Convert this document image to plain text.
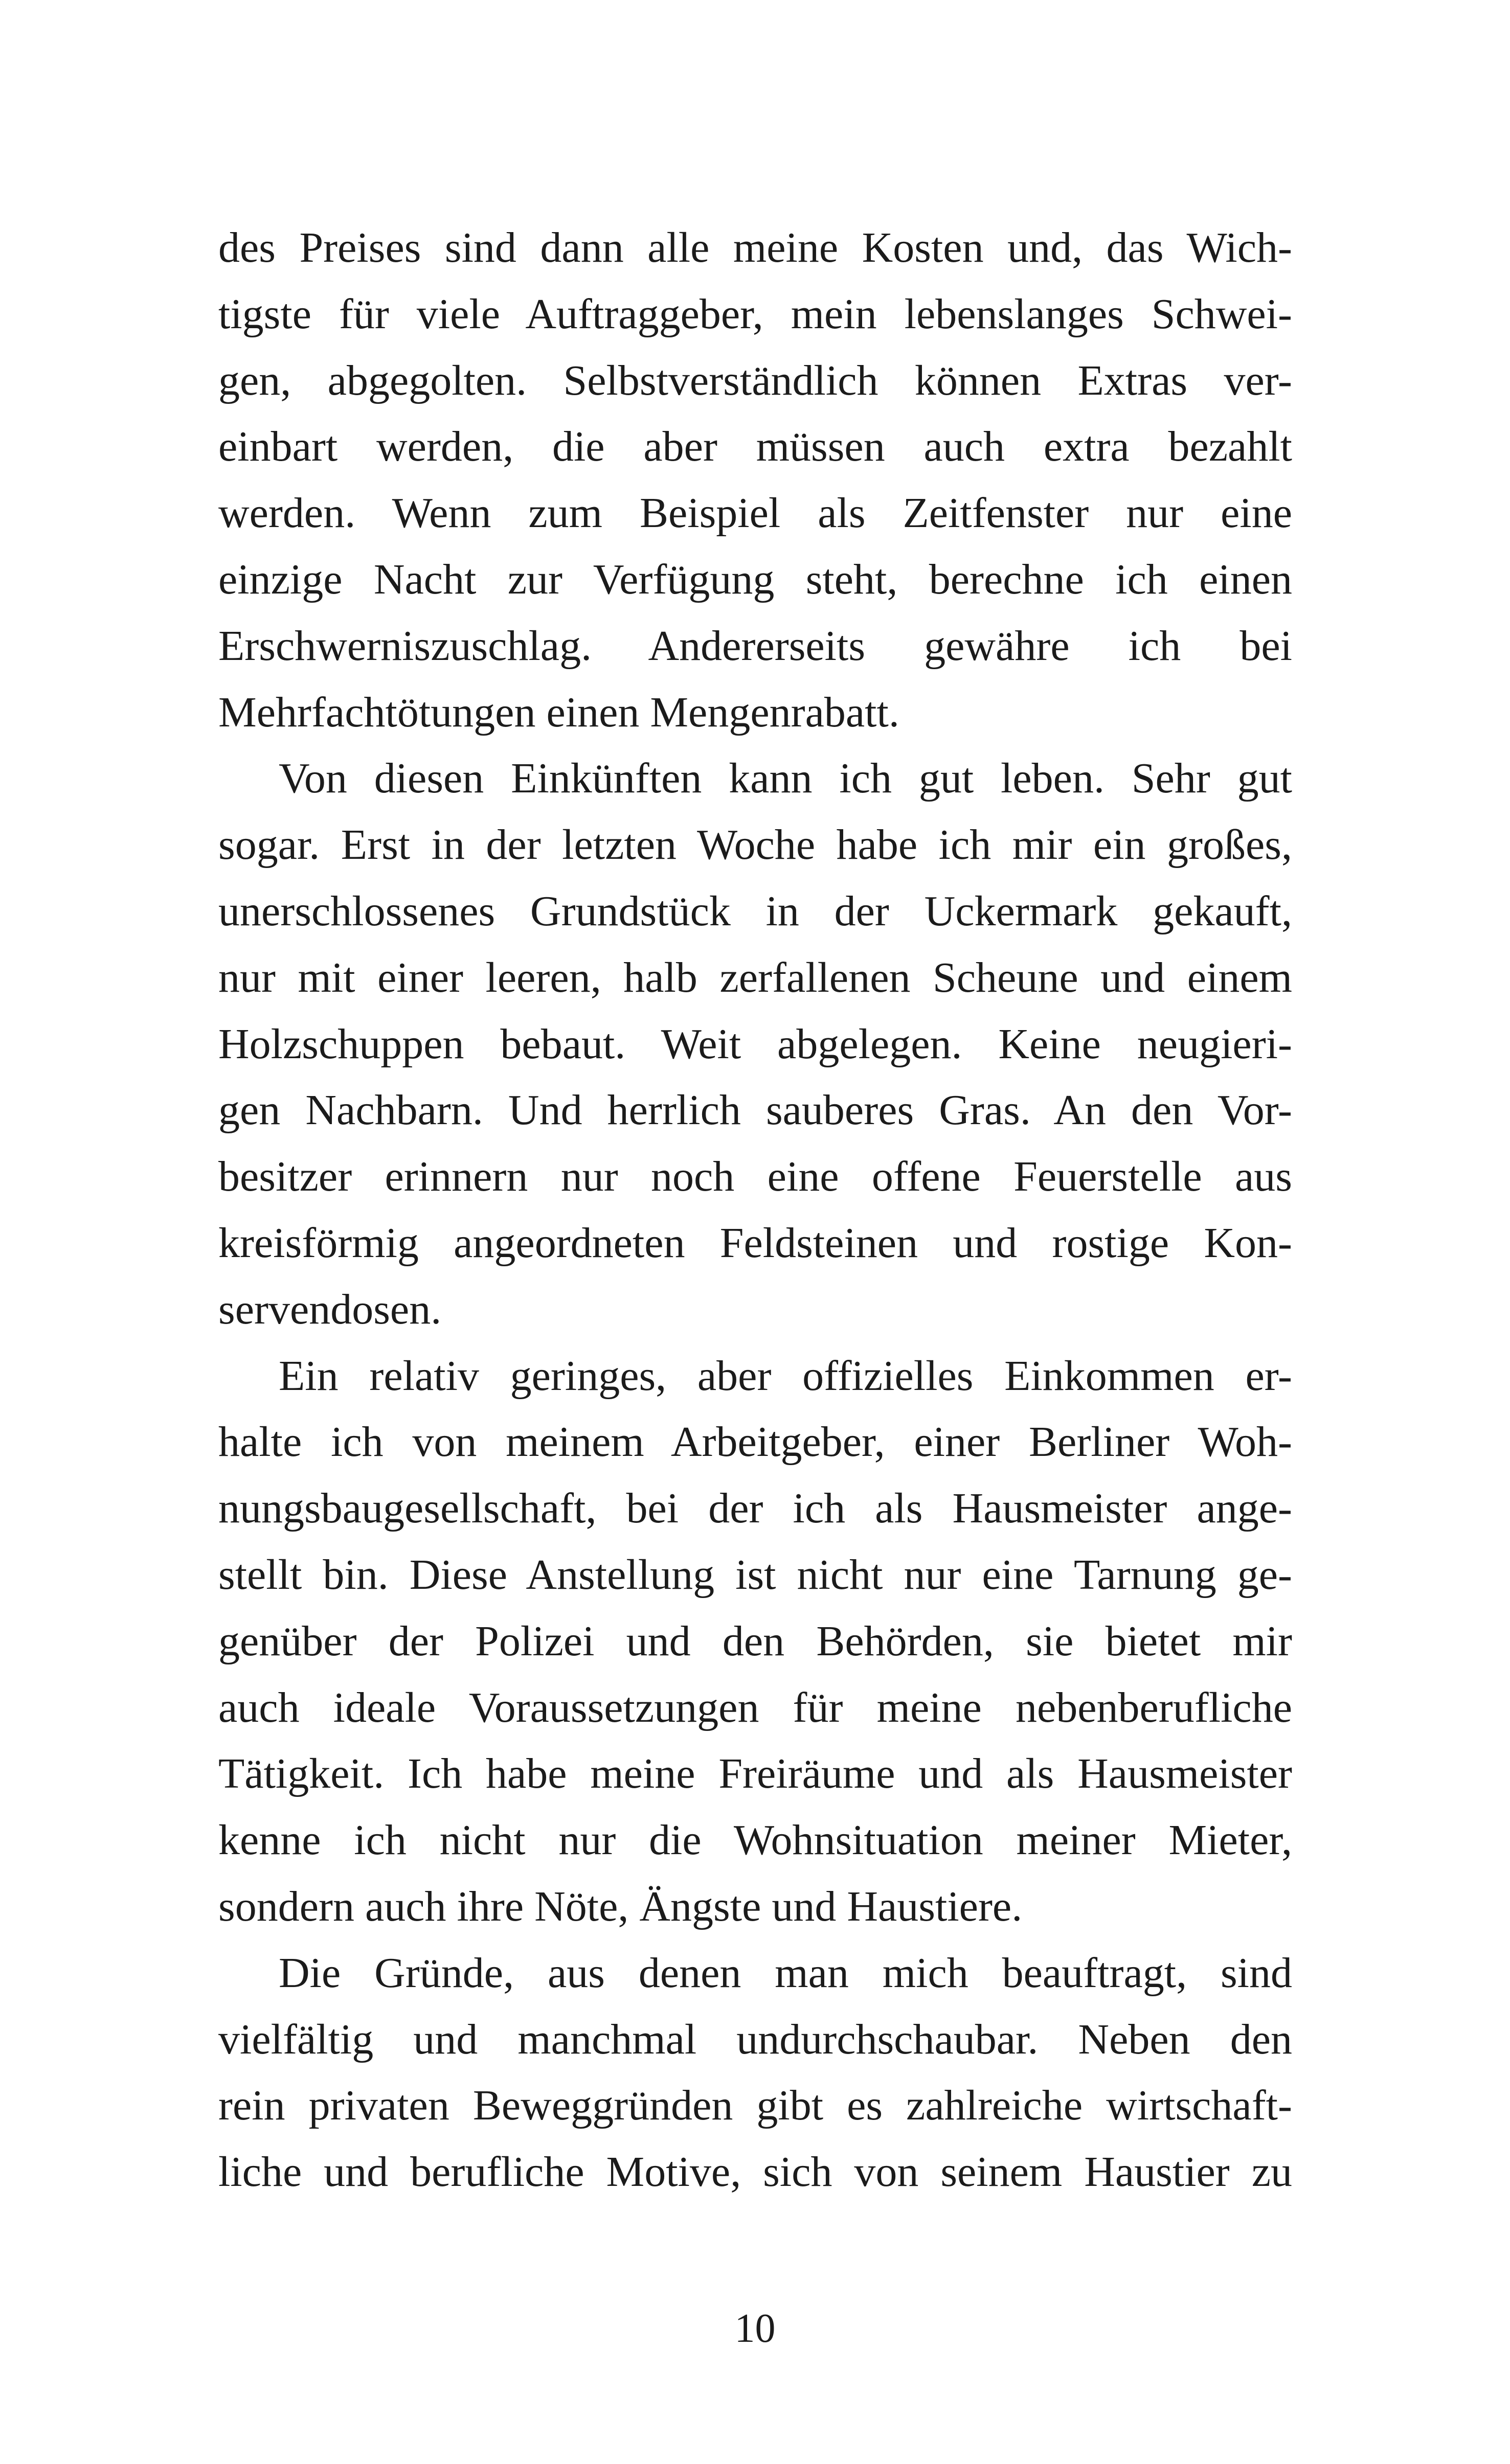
des Preises sind dann alle meine Kosten und, das Wich-
tigste für viele Auftraggeber, mein lebenslanges Schwei-
gen, abgegolten. Selbstverständlich können Extras ver-
einbart werden, die aber müssen auch extra bezahlt
werden. Wenn zum Beispiel als Zeitfenster nur eine
einzige Nacht zur Verfügung steht, berechne ich einen
Erschwerniszuschlag. Andererseits gewähre ich bei
Mehrfachtötungen einen Mengenrabatt.
Von diesen Einkünften kann ich gut leben. Sehr gut
sogar. Erst in der letzten Woche habe ich mir ein großes,
unerschlossenes Grundstück in der Uckermark gekauft,
nur mit einer leeren, halb zerfallenen Scheune und einem
Holzschuppen bebaut. Weit abgelegen. Keine neugieri-
gen Nachbarn. Und herrlich sauberes Gras. An den Vor-
besitzer erinnern nur noch eine offene Feuerstelle aus
kreisförmig angeordneten Feldsteinen und rostige Kon-
servendosen.
Ein relativ geringes, aber offizielles Einkommen er-
halte ich von meinem Arbeitgeber, einer Berliner Woh-
nungsbaugesellschaft, bei der ich als Hausmeister ange-
stellt bin. Diese Anstellung ist nicht nur eine Tarnung ge-
genüber der Polizei und den Behörden, sie bietet mir
auch ideale Voraussetzungen für meine nebenberufliche
Tätigkeit. Ich habe meine Freiräume und als Hausmeister
kenne ich nicht nur die Wohnsituation meiner Mieter,
sondern auch ihre Nöte, Ängste und Haustiere.
Die Gründe, aus denen man mich beauftragt, sind
vielfältig und manchmal undurchschaubar. Neben den
rein privaten Beweggründen gibt es zahlreiche wirtschaft-
liche und berufliche Motive, sich von seinem Haustier zu
10
